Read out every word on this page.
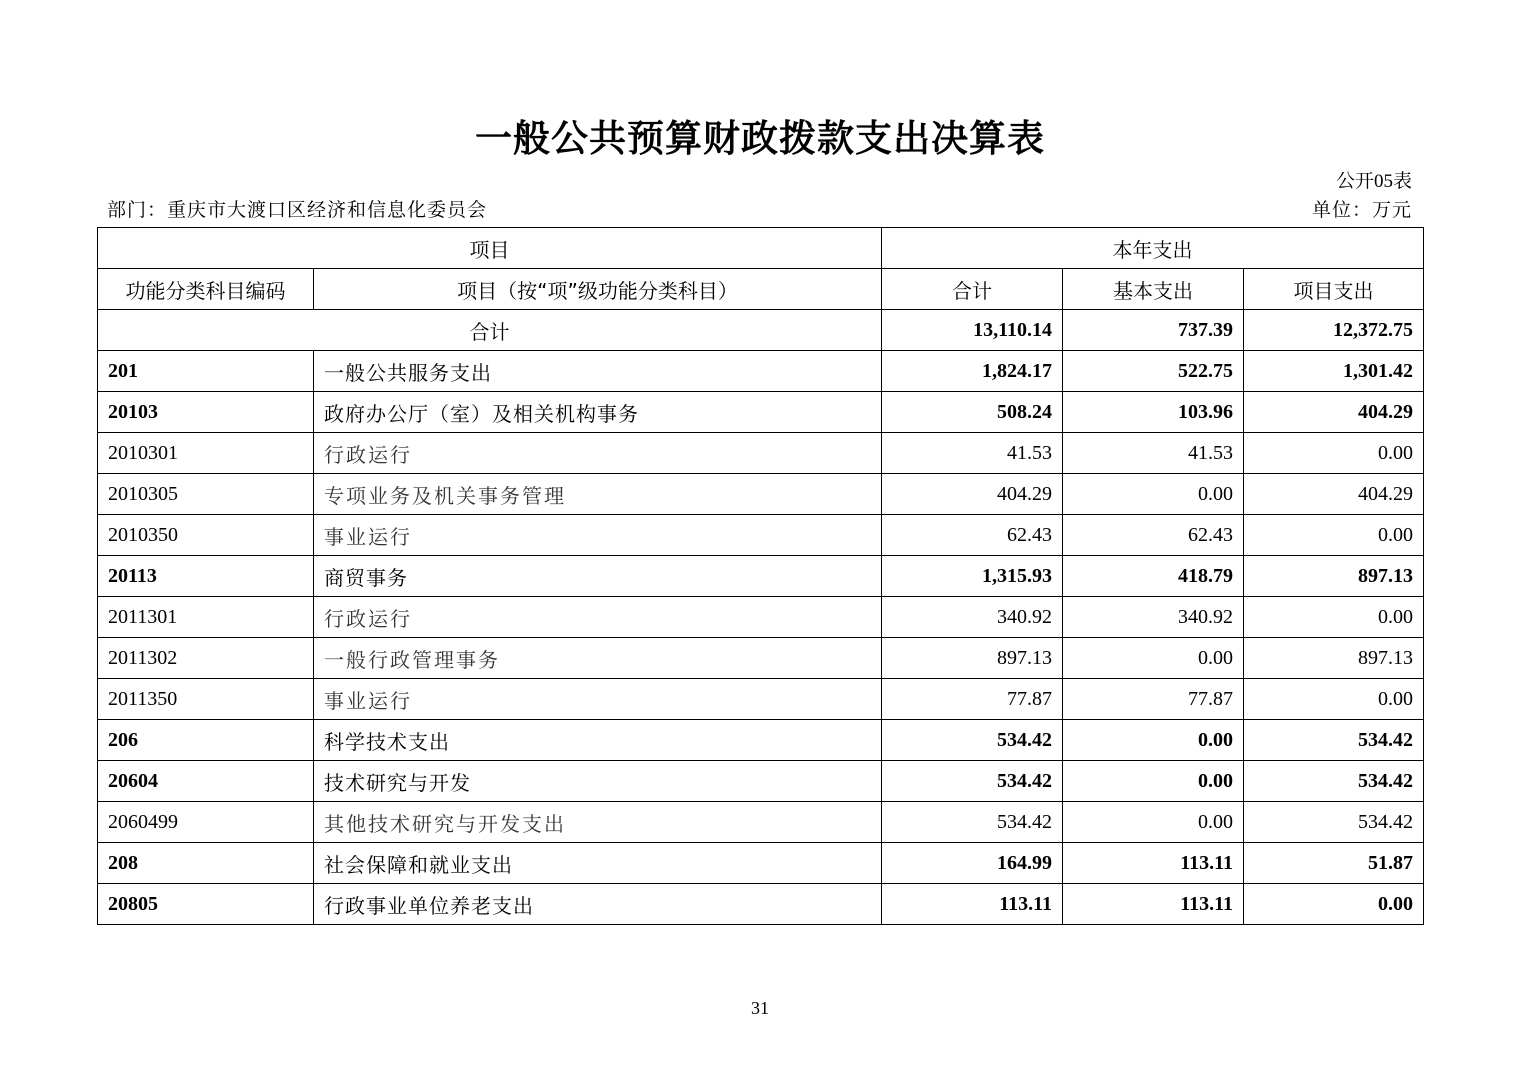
一般公共预算财政拨款支出决算表
公开05表
部门：重庆市大渡口区经济和信息化委员会	单位：万元
项目		本年支出		
功能分类科目编码	项目（按“项”级功能分类科目）	合计	基本支出	项目支出
合计		13,110.14	737.39	12,372.75
201	一般公共服务支出	1,824.17	522.75	1,301.42
20103	政府办公厅（室）及相关机构事务	508.24	103.96	404.29
2010301	行政运行	41.53	41.53	0.00
2010305	专项业务及机关事务管理	404.29	0.00	404.29
2010350	事业运行	62.43	62.43	0.00
20113	商贸事务	1,315.93	418.79	897.13
2011301	行政运行	340.92	340.92	0.00
2011302	一般行政管理事务	897.13	0.00	897.13
2011350	事业运行	77.87	77.87	0.00
206	科学技术支出	534.42	0.00	534.42
20604	技术研究与开发	534.42	0.00	534.42
2060499	其他技术研究与开发支出	534.42	0.00	534.42
208	社会保障和就业支出	164.99	113.11	51.87
20805	行政事业单位养老支出	113.11	113.11	0.00
31
